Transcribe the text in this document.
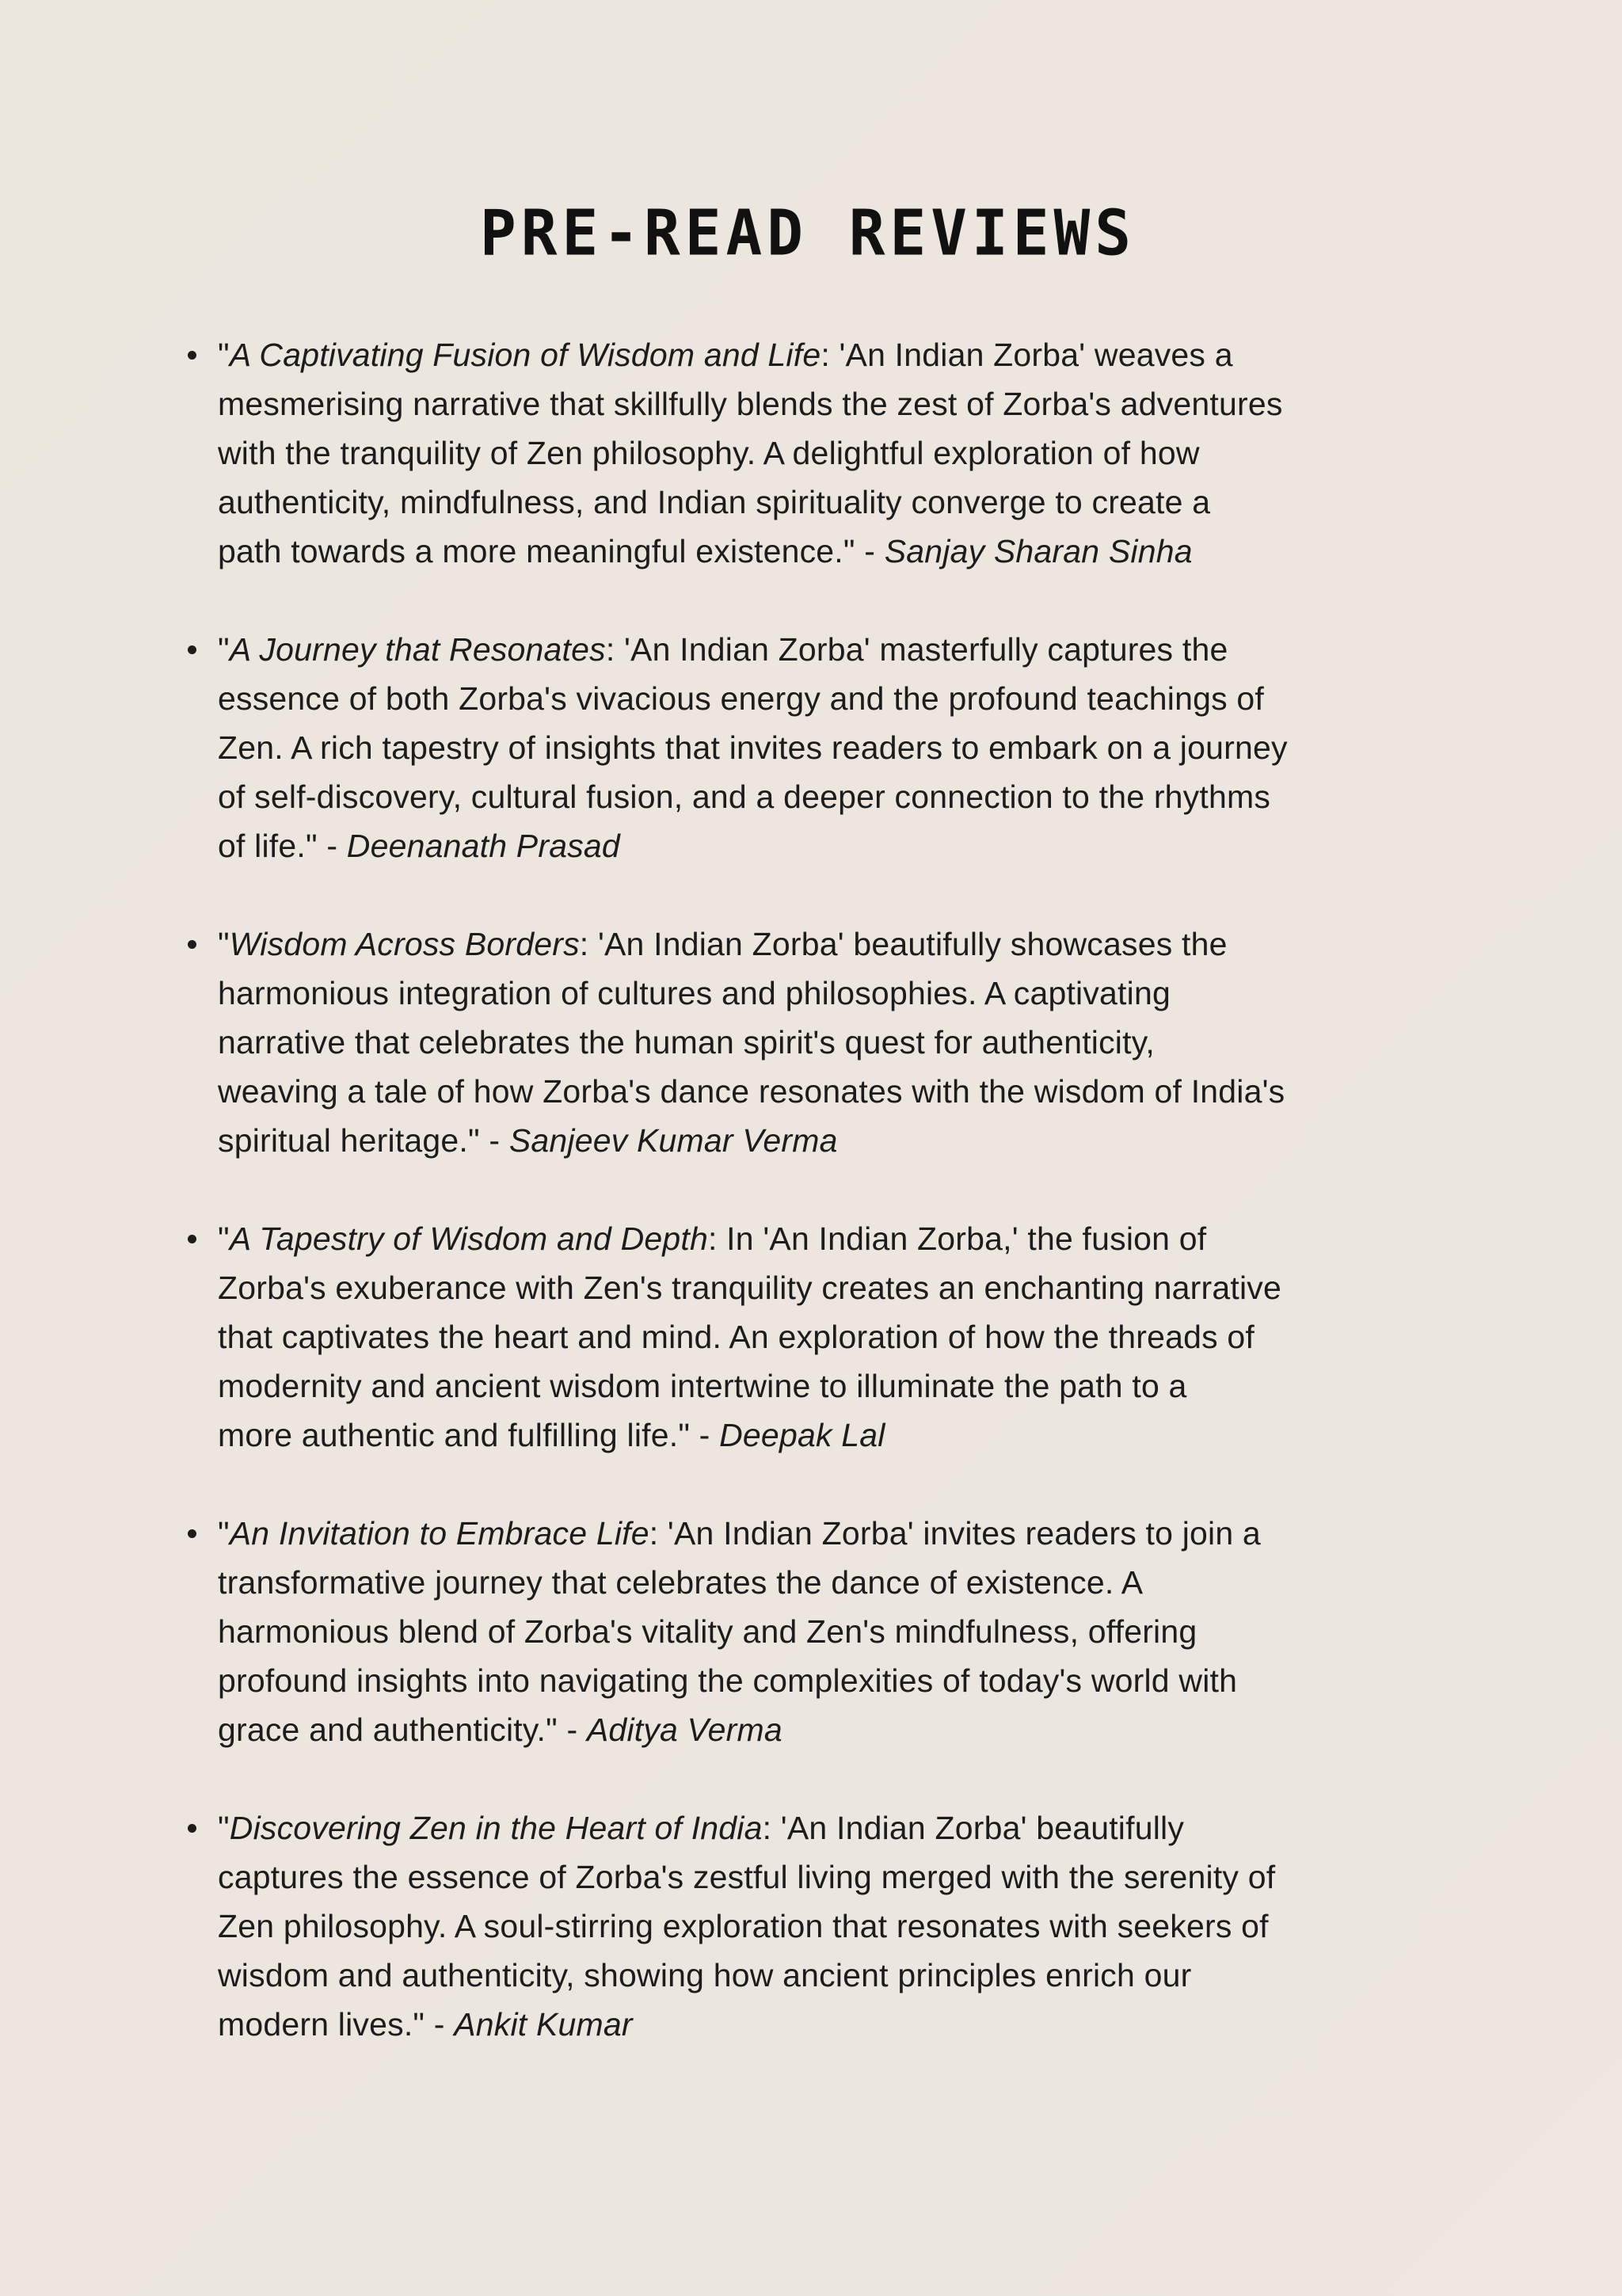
PRE-READ REVIEWS
"A Captivating Fusion of Wisdom and Life: 'An Indian Zorba' weaves a
mesmerising narrative that skillfully blends the zest of Zorba's adventures
with the tranquility of Zen philosophy. A delightful exploration of how
authenticity, mindfulness, and Indian spirituality converge to create a
path towards a more meaningful existence." - Sanjay Sharan Sinha
"A Journey that Resonates: 'An Indian Zorba' masterfully captures the
essence of both Zorba's vivacious energy and the profound teachings of
Zen. A rich tapestry of insights that invites readers to embark on a journey
of self-discovery, cultural fusion, and a deeper connection to the rhythms
of life." - Deenanath Prasad
"Wisdom Across Borders: 'An Indian Zorba' beautifully showcases the
harmonious integration of cultures and philosophies. A captivating
narrative that celebrates the human spirit's quest for authenticity,
weaving a tale of how Zorba's dance resonates with the wisdom of India's
spiritual heritage." - Sanjeev Kumar Verma
"A Tapestry of Wisdom and Depth: In 'An Indian Zorba,' the fusion of
Zorba's exuberance with Zen's tranquility creates an enchanting narrative
that captivates the heart and mind. An exploration of how the threads of
modernity and ancient wisdom intertwine to illuminate the path to a
more authentic and fulfilling life." - Deepak Lal
"An Invitation to Embrace Life: 'An Indian Zorba' invites readers to join a
transformative journey that celebrates the dance of existence. A
harmonious blend of Zorba's vitality and Zen's mindfulness, offering
profound insights into navigating the complexities of today's world with
grace and authenticity." - Aditya Verma
"Discovering Zen in the Heart of India: 'An Indian Zorba' beautifully
captures the essence of Zorba's zestful living merged with the serenity of
Zen philosophy. A soul-stirring exploration that resonates with seekers of
wisdom and authenticity, showing how ancient principles enrich our
modern lives." - Ankit Kumar
